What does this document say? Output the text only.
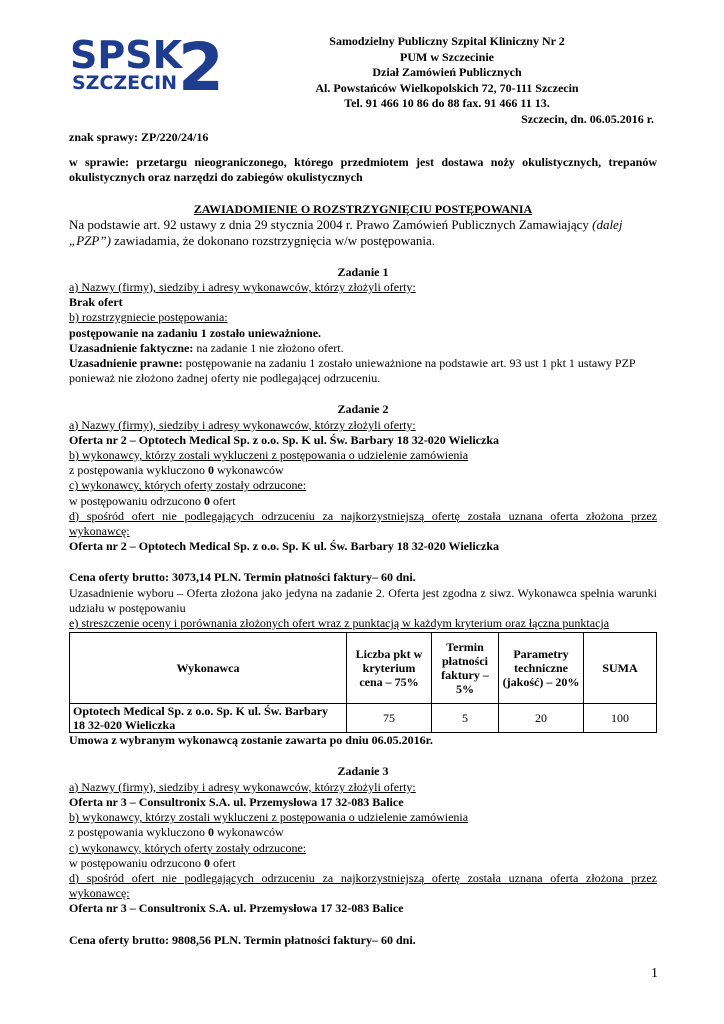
SPSK
2
SZCZECIN
Samodzielny Publiczny Szpital Kliniczny Nr 2
PUM w Szczecinie
Dział Zamówień Publicznych
Al. Powstańców Wielkopolskich 72, 70-111 Szczecin
Tel. 91 466 10 86 do 88 fax. 91 466 11 13.
Szczecin, dn. 06.05.2016 r.

znak sprawy: ZP/220/24/16

w sprawie: przetargu nieograniczonego, którego przedmiotem jest dostawa noży okulistycznych, trepanów okulistycznych oraz narzędzi do zabiegów okulistycznych

ZAWIADOMIENIE O ROZSTRZYGNIĘCIU POSTĘPOWANIA

Na podstawie art. 92 ustawy z dnia 29 stycznia 2004 r. Prawo Zamówień Publicznych Zamawiający (dalej „PZP”) zawiadamia, że dokonano rozstrzygnięcia w/w postępowania.

Zadanie 1

a) Nazwy (firmy), siedziby i adresy wykonawców, którzy złożyli oferty:

Brak ofert

b) rozstrzygniecie postępowania:

postępowanie na zadaniu 1 zostało unieważnione.

Uzasadnienie faktyczne: na zadanie 1 nie złożono ofert.

Uzasadnienie prawne: postępowanie na zadaniu 1 zostało unieważnione na podstawie art. 93 ust 1 pkt 1 ustawy PZP ponieważ nie złożono żadnej oferty nie podlegającej odrzuceniu.

Zadanie 2

a) Nazwy (firmy), siedziby i adresy wykonawców, którzy złożyli oferty:

Oferta nr 2 – Optotech Medical Sp. z o.o. Sp. K ul. Św. Barbary 18 32-020 Wieliczka

b) wykonawcy, którzy zostali wykluczeni z postępowania o udzielenie zamówienia

z postępowania wykluczono 0 wykonawców

c) wykonawcy, których oferty zostały odrzucone:

w postępowaniu odrzucono 0 ofert

d) spośród ofert nie podlegających odrzuceniu za najkorzystniejszą ofertę została uznana oferta złożona przez wykonawcę:

Oferta nr 2 – Optotech Medical Sp. z o.o. Sp. K ul. Św. Barbary 18 32-020 Wieliczka

Cena oferty brutto: 3073,14 PLN. Termin płatności faktury– 60 dni.

Uzasadnienie wyboru – Oferta złożona jako jedyna na zadanie 2. Oferta jest zgodna z siwz. Wykonawca spełnia warunki udziału w postępowaniu

e) streszczenie oceny i porównania złożonych ofert wraz z punktacją w każdym kryterium oraz łączna punktacja

Wykonawca	Liczba pkt w kryterium cena – 75%	Termin płatności faktury – 5%	Parametry techniczne (jakość) – 20%	SUMA
Optotech Medical Sp. z o.o. Sp. K ul. Św. Barbary 18 32-020 Wieliczka	75	5	20	100

Umowa z wybranym wykonawcą zostanie zawarta po dniu 06.05.2016r.

Zadanie 3

a) Nazwy (firmy), siedziby i adresy wykonawców, którzy złożyli oferty:

Oferta nr 3 – Consultronix S.A. ul. Przemysłowa 17 32-083 Balice

b) wykonawcy, którzy zostali wykluczeni z postępowania o udzielenie zamówienia

z postępowania wykluczono 0 wykonawców

c) wykonawcy, których oferty zostały odrzucone:

w postępowaniu odrzucono 0 ofert

d) spośród ofert nie podlegających odrzuceniu za najkorzystniejszą ofertę została uznana oferta złożona przez wykonawcę:

Oferta nr 3 – Consultronix S.A. ul. Przemysłowa 17 32-083 Balice

Cena oferty brutto: 9808,56 PLN. Termin płatności faktury– 60 dni.

1
